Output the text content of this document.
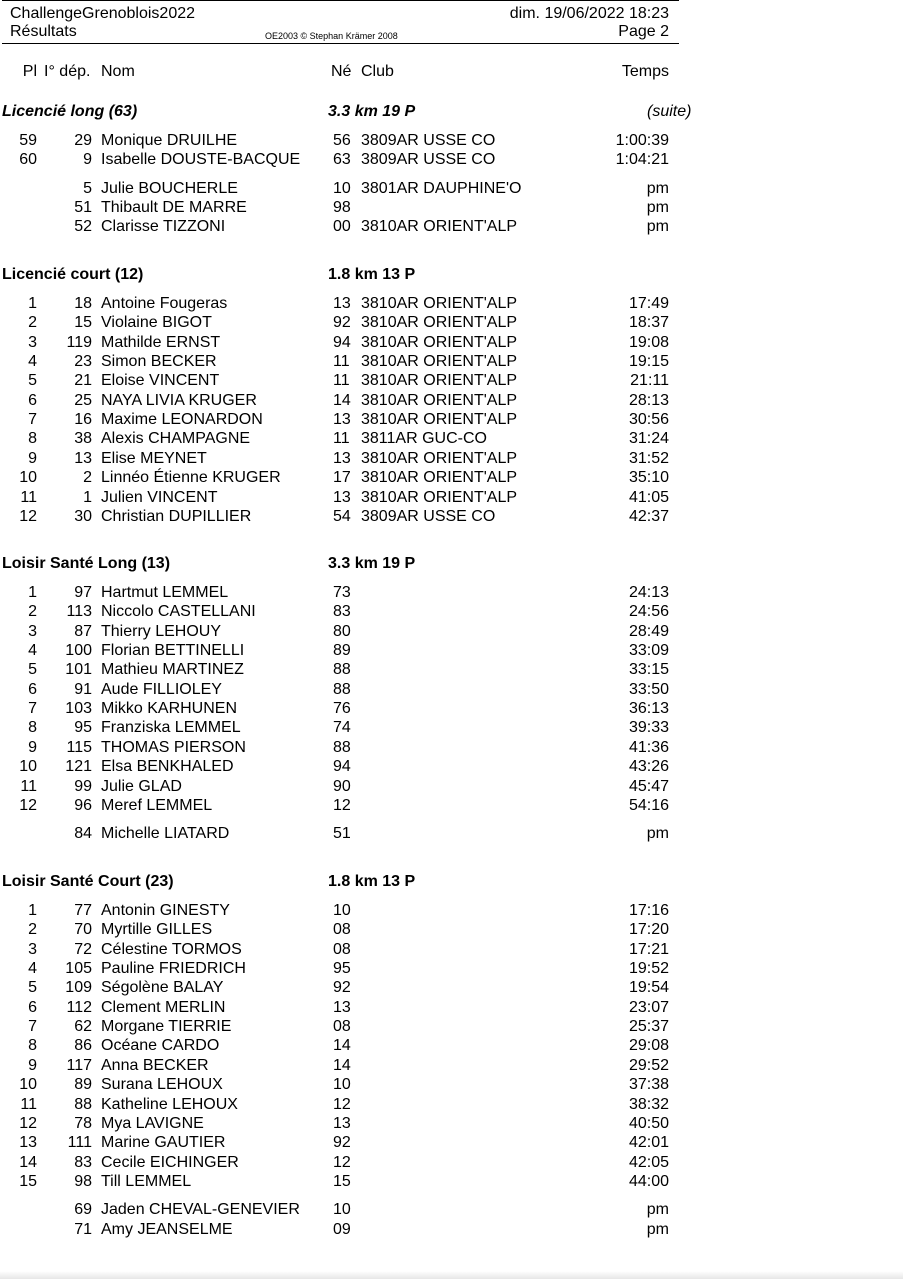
ChallengeGrenoblois2022
Résultats
dim. 19/06/2022 18:23
Page 2
OE2003 © Stephan Krämer 2008
Pl I° dép. Nom	Né Club	Temps
Licencié long (63)	3.3 km 19 P	(suite)
59 29 Monique DRUILHE	56 3809AR USSE CO	1:00:39
60	9 Isabelle DOUSTE-BACQUE 63 3809AR USSE CO	1:04:21
5 Julie BOUCHERLE	10 3801AR DAUPHINE'O	pm
51 Thibault DE MARRE	98	pm
52 Clarisse TIZZONI	00 3810AR ORIENT'ALP	pm
Licencié court (12)	1.8 km 13 P
1 18 Antoine Fougeras	13 3810AR ORIENT'ALP	17:49
2 15 Violaine BIGOT	92 3810AR ORIENT'ALP	18:37
3 119 Mathilde ERNST	94 3810AR ORIENT'ALP	19:08
4 23 Simon BECKER	11 3810AR ORIENT'ALP	19:15
5 21 Eloise VINCENT	11 3810AR ORIENT'ALP	21:11
6 25 NAYA LIVIA KRUGER	14 3810AR ORIENT'ALP	28:13
7 16 Maxime LEONARDON	13 3810AR ORIENT'ALP	30:56
8 38 Alexis CHAMPAGNE	11 3811AR GUC-CO	31:24
9 13 Elise MEYNET	13 3810AR ORIENT'ALP	31:52
10	2 Linnéo Étienne KRUGER	17 3810AR ORIENT'ALP	35:10
11	1 Julien VINCENT	13 3810AR ORIENT'ALP	41:05
12 30 Christian DUPILLIER	54 3809AR USSE CO	42:37
Loisir Santé Long (13)	3.3 km 19 P
1 97 Hartmut LEMMEL	73	24:13
2 113 Niccolo CASTELLANI	83	24:56
3 87 Thierry LEHOUY	80	28:49
4 100 Florian BETTINELLI	89	33:09
5 101 Mathieu MARTINEZ	88	33:15
6 91 Aude FILLIOLEY	88	33:50
7 103 Mikko KARHUNEN	76	36:13
8 95 Franziska LEMMEL	74	39:33
9 115 THOMAS PIERSON	88	41:36
10 121 Elsa BENKHALED	94	43:26
11 99 Julie GLAD	90	45:47
12 96 Meref LEMMEL	12	54:16
84 Michelle LIATARD	51	pm
Loisir Santé Court (23)	1.8 km 13 P
1 77 Antonin GINESTY	10	17:16
2 70 Myrtille GILLES	08	17:20
3 72 Célestine TORMOS	08	17:21
4 105 Pauline FRIEDRICH	95	19:52
5 109 Ségolène BALAY	92	19:54
6 112 Clement MERLIN	13	23:07
7 62 Morgane TIERRIE	08	25:37
8 86 Océane CARDO	14	29:08
9 117 Anna BECKER	14	29:52
10 89 Surana LEHOUX	10	37:38
11 88 Katheline LEHOUX	12	38:32
12 78 Mya LAVIGNE	13	40:50
13 111 Marine GAUTIER	92	42:01
14 83 Cecile EICHINGER	12	42:05
15 98 Till LEMMEL	15	44:00
69 Jaden CHEVAL-GENEVIER 10	pm
71 Amy JEANSELME	09	pm
